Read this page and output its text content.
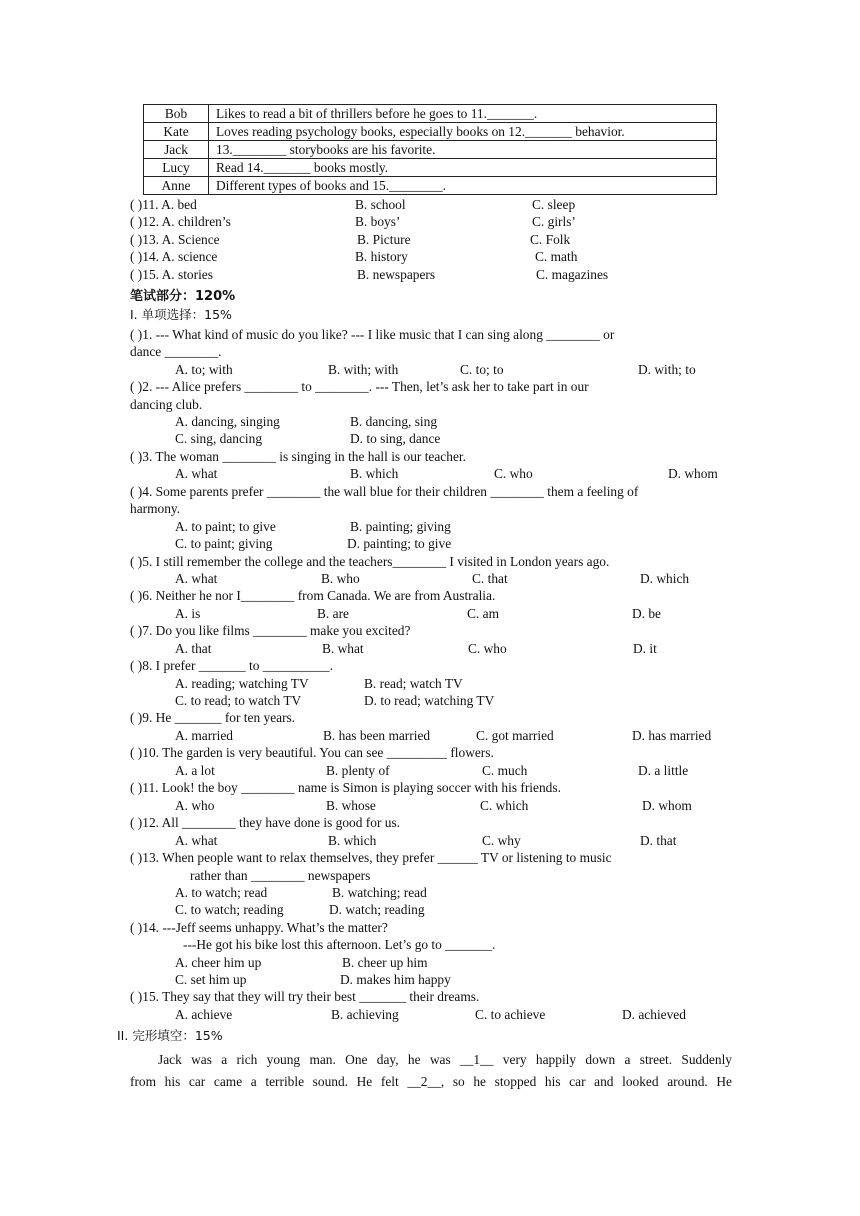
Bob	Likes to read a bit of thrillers before he goes to 11._______.
Kate	Loves reading psychology books, especially books on 12._______ behavior.
Jack	13.________ storybooks are his favorite.
Lucy	Read 14._______ books mostly.
Anne	Different types of books and 15.________.
( )11. A. bed	B. school	C. sleep
( )12. A. children’s	B. boys’	C. girls’
( )13. A. Science	B. Picture	C. Folk
( )14. A. science	B. history	C. math
( )15. A. stories	B. newspapers	C. magazines
笔试部分：120%
I. 单项选择：15%
( )1. --- What kind of music do you like? --- I like music that I can sing along ________ or
dance ________.
A. to; with	B. with; with	C. to; to	D. with; to
( )2. --- Alice prefers ________ to ________. --- Then, let’s ask her to take part in our
dancing club.
A. dancing, singing	B. dancing, sing
C. sing, dancing	D. to sing, dance
( )3. The woman ________ is singing in the hall is our teacher.
A. what	B. which	C. who	D. whom
( )4. Some parents prefer ________ the wall blue for their children ________ them a feeling of
harmony.
A. to paint; to give	B. painting; giving
C. to paint; giving	D. painting; to give
( )5. I still remember the college and the teachers________ I visited in London years ago.
A. what	B. who	C. that	D. which
( )6. Neither he nor I________ from Canada. We are from Australia.
A. is	B. are	C. am	D. be
( )7. Do you like films ________ make you excited?
A. that	B. what	C. who	D. it
( )8. I prefer _______ to __________.
A. reading; watching TV	B. read; watch TV
C. to read; to watch TV	D. to read; watching TV
( )9. He _______ for ten years.
A. married	B. has been married	C. got married	D. has married
( )10. The garden is very beautiful. You can see _________ flowers.
A. a lot	B. plenty of	C. much	D. a little
( )11. Look! the boy ________ name is Simon is playing soccer with his friends.
A. who	B. whose	C. which	D. whom
( )12. All ________ they have done is good for us.
A. what	B. which	C. why	D. that
( )13. When people want to relax themselves, they prefer ______ TV or listening to music
rather than ________ newspapers
A. to watch; read	B. watching; read
C. to watch; reading	D. watch; reading
( )14. ---Jeff seems unhappy. What’s the matter?
---He got his bike lost this afternoon. Let’s go to _______.
A. cheer him up	B. cheer up him
C. set him up	D. makes him happy
( )15. They say that they will try their best _______ their dreams.
A. achieve	B. achieving	C. to achieve	D. achieved
II. 完形填空：15%
Jack was a rich young man. One day, he was __1__ very happily down a street. Suddenly
from his car came a terrible sound. He felt __2__, so he stopped his car and looked around. He
